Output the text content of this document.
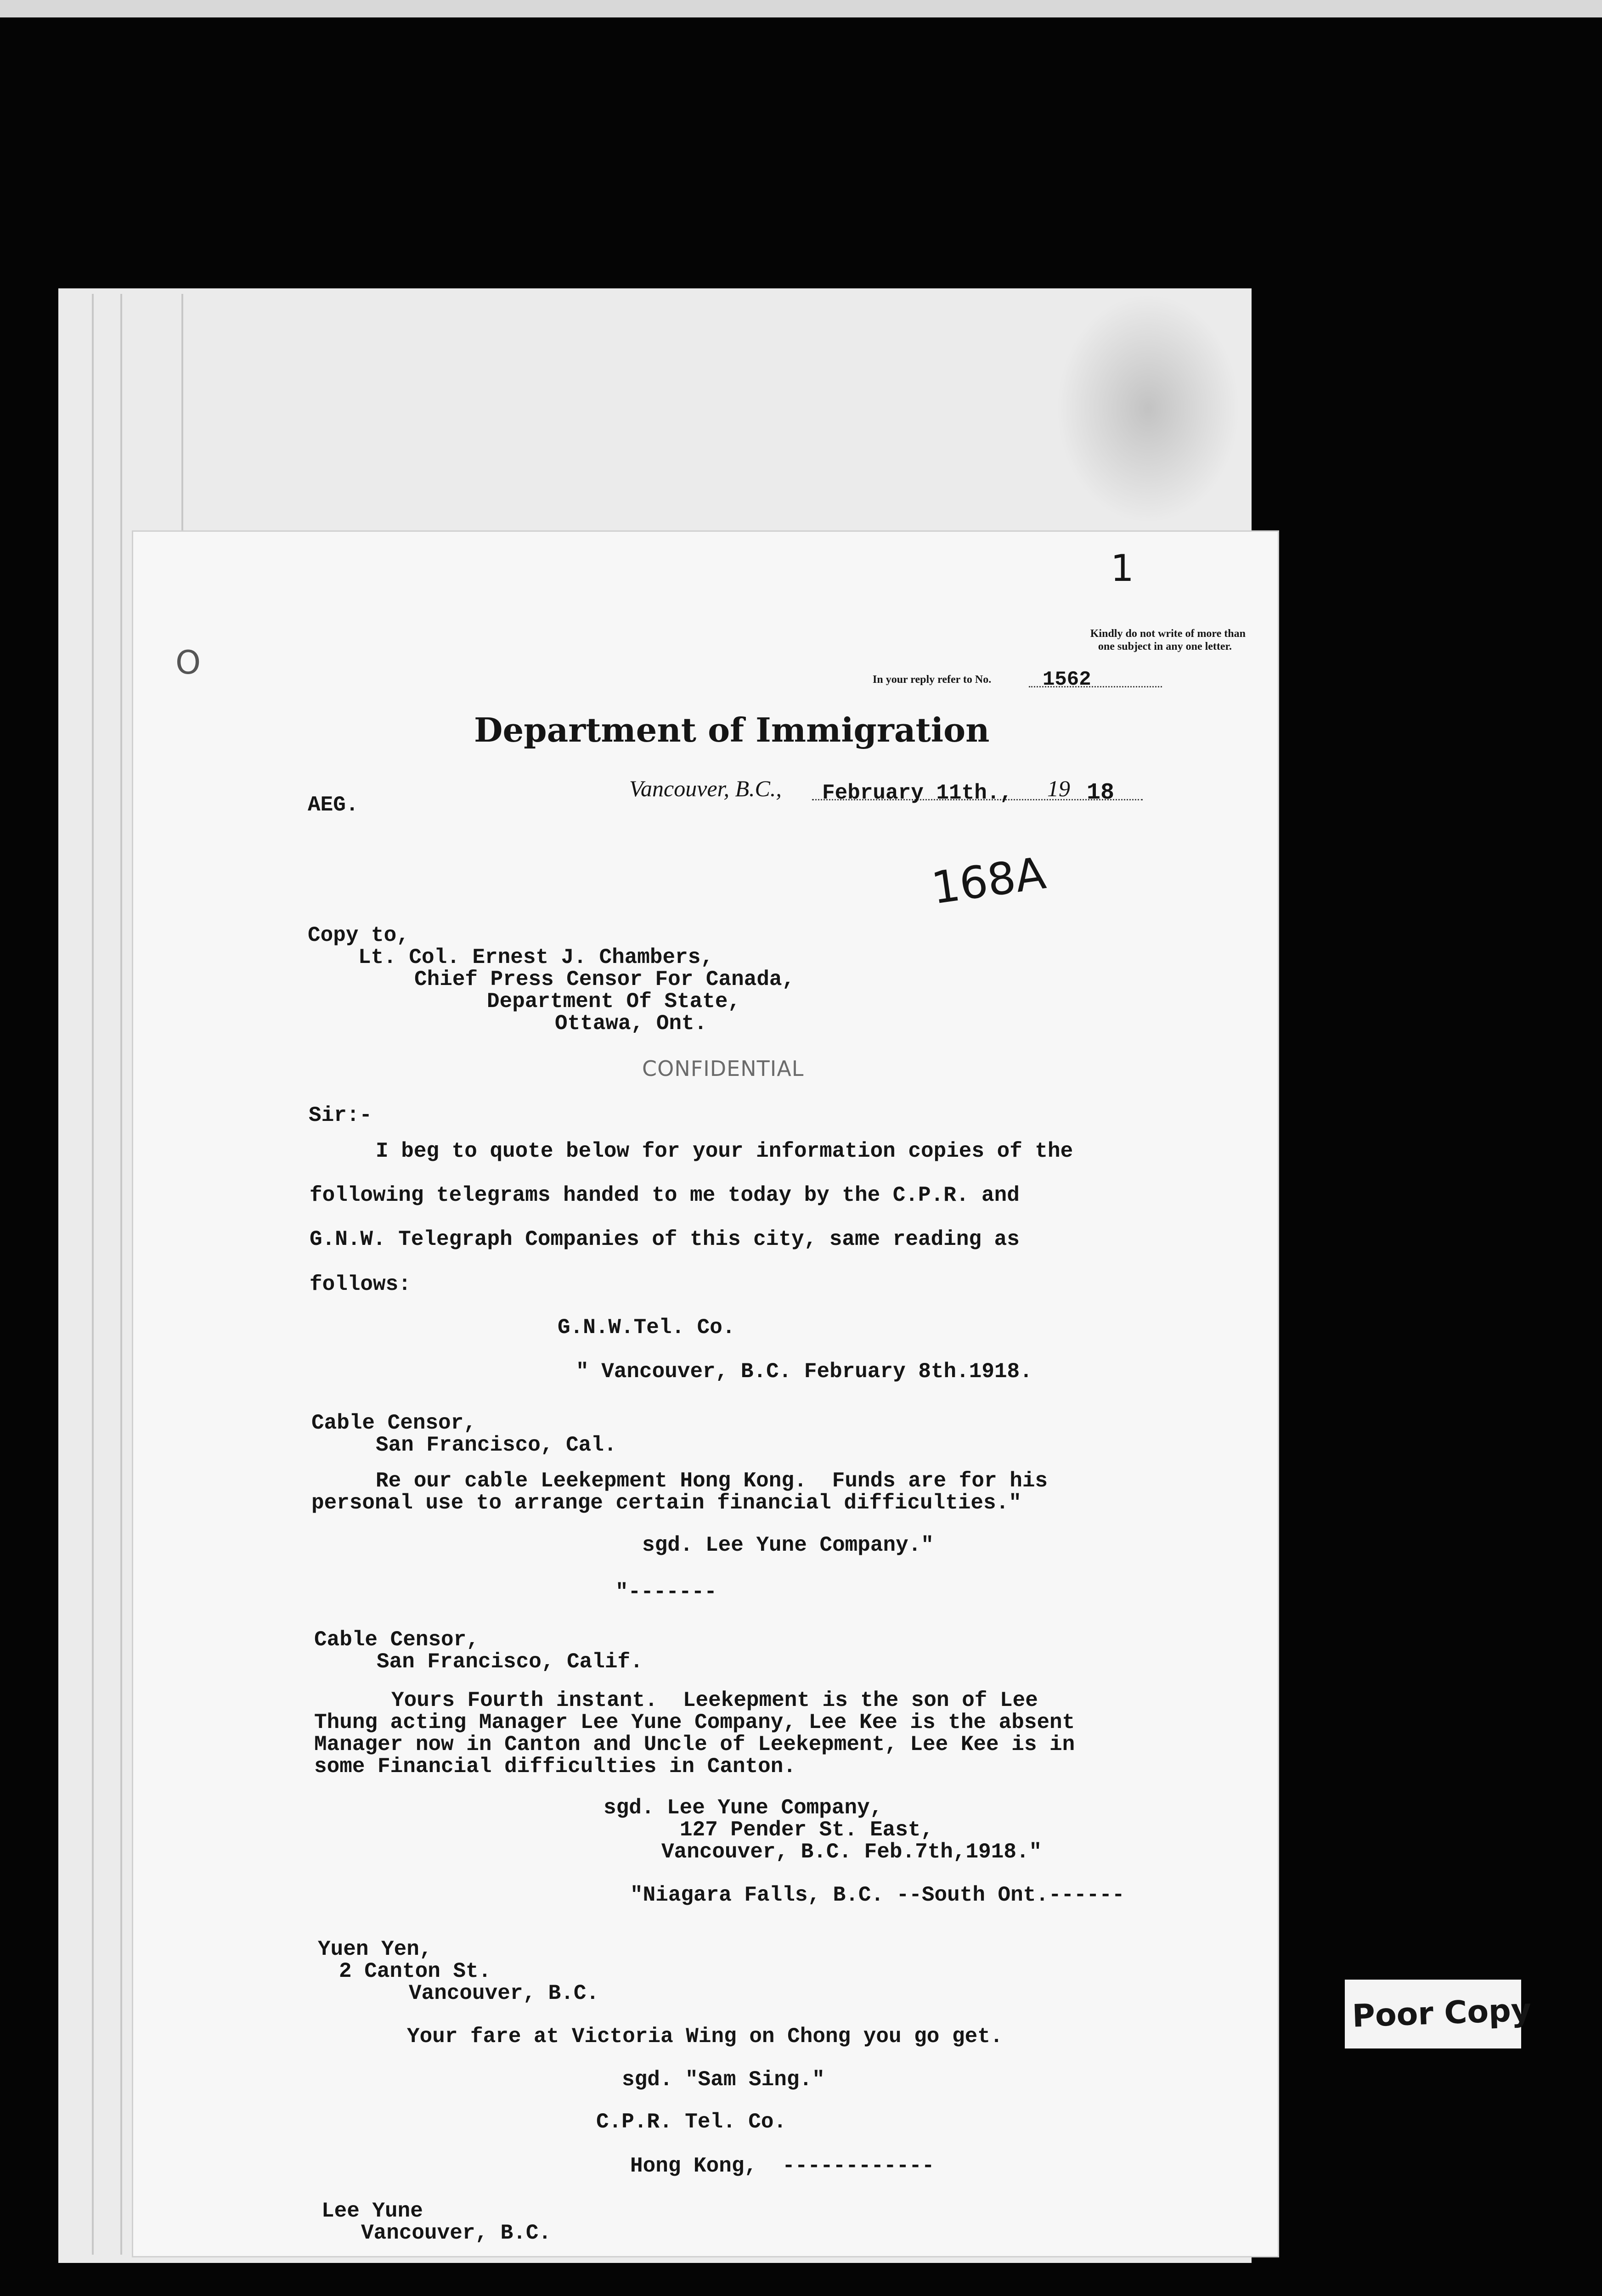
1
O
Kindly do not write of more than
one subject in any one letter.
In your reply refer to No.	1562
Department of Immigration
Vancouver, B.C., February 11th., 19 18
AEG.
168A
Copy to,
Lt. Col. Ernest J. Chambers,
Chief Press Censor For Canada,
Department Of State,
Ottawa, Ont.
CONFIDENTIAL
Sir:-
I beg to quote below for your information copies of the
following telegrams handed to me today by the C.P.R. and
G.N.W. Telegraph Companies of this city, same reading as
follows:
G.N.W.Tel. Co.
" Vancouver, B.C. February 8th.1918.
Cable Censor,
San Francisco, Cal.
Re our cable Leekepment Hong Kong.  Funds are for his
personal use to arrange certain financial difficulties."
sgd. Lee Yune Company."
"-------
Cable Censor,
San Francisco, Calif.
Yours Fourth instant.  Leekepment is the son of Lee
Thung acting Manager Lee Yune Company, Lee Kee is the absent
Manager now in Canton and Uncle of Leekepment, Lee Kee is in
some Financial difficulties in Canton.
sgd. Lee Yune Company,
127 Pender St. East,
Vancouver, B.C. Feb.7th,1918."
"Niagara Falls, B.C. --South Ont.------
Yuen Yen,
2 Canton St.
Vancouver, B.C.
Your fare at Victoria Wing on Chong you go get.
sgd. "Sam Sing."
C.P.R. Tel. Co.
Hong Kong,  ------------
Lee Yune
Vancouver, B.C.
Poor Copy
